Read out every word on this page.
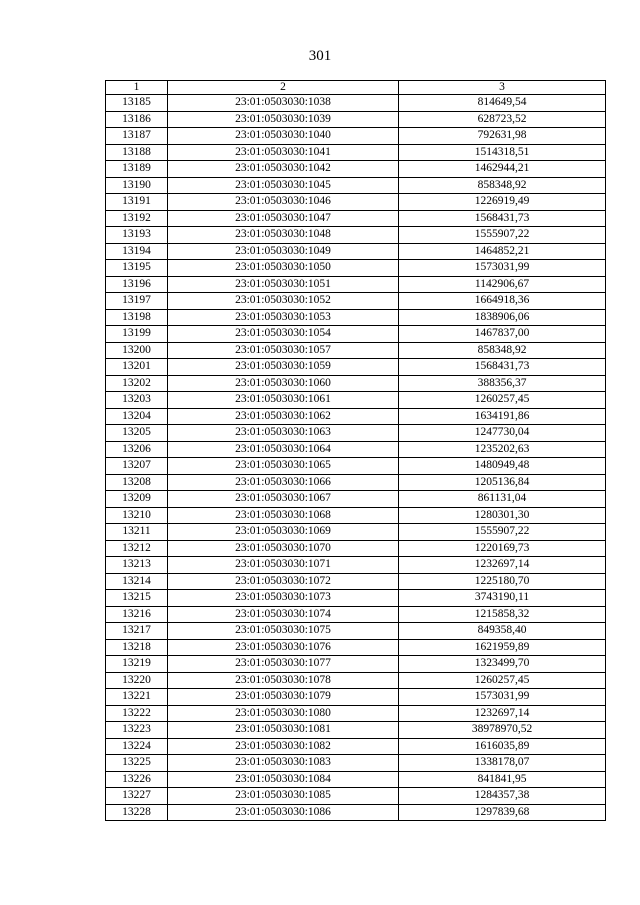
301
1	2	3
13185	23:01:0503030:1038	814649,54
13186	23:01:0503030:1039	628723,52
13187	23:01:0503030:1040	792631,98
13188	23:01:0503030:1041	1514318,51
13189	23:01:0503030:1042	1462944,21
13190	23:01:0503030:1045	858348,92
13191	23:01:0503030:1046	1226919,49
13192	23:01:0503030:1047	1568431,73
13193	23:01:0503030:1048	1555907,22
13194	23:01:0503030:1049	1464852,21
13195	23:01:0503030:1050	1573031,99
13196	23:01:0503030:1051	1142906,67
13197	23:01:0503030:1052	1664918,36
13198	23:01:0503030:1053	1838906,06
13199	23:01:0503030:1054	1467837,00
13200	23:01:0503030:1057	858348,92
13201	23:01:0503030:1059	1568431,73
13202	23:01:0503030:1060	388356,37
13203	23:01:0503030:1061	1260257,45
13204	23:01:0503030:1062	1634191,86
13205	23:01:0503030:1063	1247730,04
13206	23:01:0503030:1064	1235202,63
13207	23:01:0503030:1065	1480949,48
13208	23:01:0503030:1066	1205136,84
13209	23:01:0503030:1067	861131,04
13210	23:01:0503030:1068	1280301,30
13211	23:01:0503030:1069	1555907,22
13212	23:01:0503030:1070	1220169,73
13213	23:01:0503030:1071	1232697,14
13214	23:01:0503030:1072	1225180,70
13215	23:01:0503030:1073	3743190,11
13216	23:01:0503030:1074	1215858,32
13217	23:01:0503030:1075	849358,40
13218	23:01:0503030:1076	1621959,89
13219	23:01:0503030:1077	1323499,70
13220	23:01:0503030:1078	1260257,45
13221	23:01:0503030:1079	1573031,99
13222	23:01:0503030:1080	1232697,14
13223	23:01:0503030:1081	38978970,52
13224	23:01:0503030:1082	1616035,89
13225	23:01:0503030:1083	1338178,07
13226	23:01:0503030:1084	841841,95
13227	23:01:0503030:1085	1284357,38
13228	23:01:0503030:1086	1297839,68
